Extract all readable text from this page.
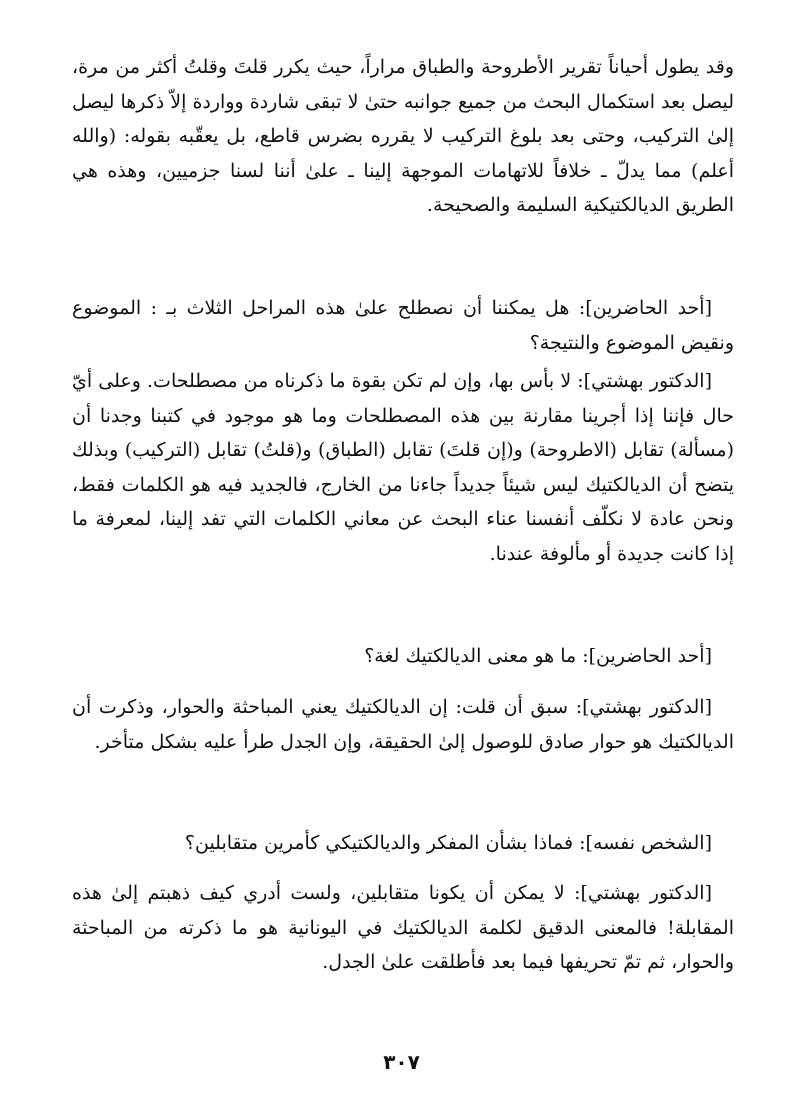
وقد يطول أحياناً تقرير الأطروحة والطباق مراراً، حيث يكرر قلتَ وقلتُ أكثر من مرة، ليصل بعد استكمال البحث من جميع جوانبه حتىٰ لا تبقى شاردة وواردة إلاّ ذكرها ليصل إلىٰ التركيب، وحتى بعد بلوغ التركيب لا يقرره بضرس قاطع، بل يعقّبه بقوله: (والله أعلم) مما يدلّ ـ خلافاً للاتهامات الموجهة إلينا ـ علىٰ أننا لسنا جزميين، وهذه هي الطريق الديالكتيكية السليمة والصحيحة.

[أحد الحاضرين]: هل يمكننا أن نصطلح علىٰ هذه المراحل الثلاث بـ : الموضوع ونقيض الموضوع والنتيجة؟

[الدكتور بهشتي]: لا بأس بها، وإن لم تكن بقوة ما ذكرناه من مصطلحات. وعلى أيّ حال فإننا إذا أجرينا مقارنة بين هذه المصطلحات وما هو موجود في كتبنا وجدنا أن (مسألة) تقابل (الاطروحة) و(إن قلتَ) تقابل (الطباق) و(قلتُ) تقابل (التركيب) وبذلك يتضح أن الديالكتيك ليس شيئاً جديداً جاءنا من الخارج، فالجديد فيه هو الكلمات فقط، ونحن عادة لا نكلّف أنفسنا عناء البحث عن معاني الكلمات التي تفد إلينا، لمعرفة ما إذا كانت جديدة أو مألوفة عندنا.

[أحد الحاضرين]: ما هو معنى الديالكتيك لغة؟

[الدكتور بهشتي]: سبق أن قلت: إن الديالكتيك يعني المباحثة والحوار، وذكرت أن الديالكتيك هو حوار صادق للوصول إلىٰ الحقيقة، وإن الجدل طرأ عليه بشكل متأخر.

[الشخص نفسه]: فماذا بشأن المفكر والديالكتيكي كأمرين متقابلين؟

[الدكتور بهشتي]: لا يمكن أن يكونا متقابلين، ولست أدري كيف ذهبتم إلىٰ هذه المقابلة! فالمعنى الدقيق لكلمة الديالكتيك في اليونانية هو ما ذكرته من المباحثة والحوار، ثم تمّ تحريفها فيما بعد فأطلقت علىٰ الجدل.

٣٠٧
